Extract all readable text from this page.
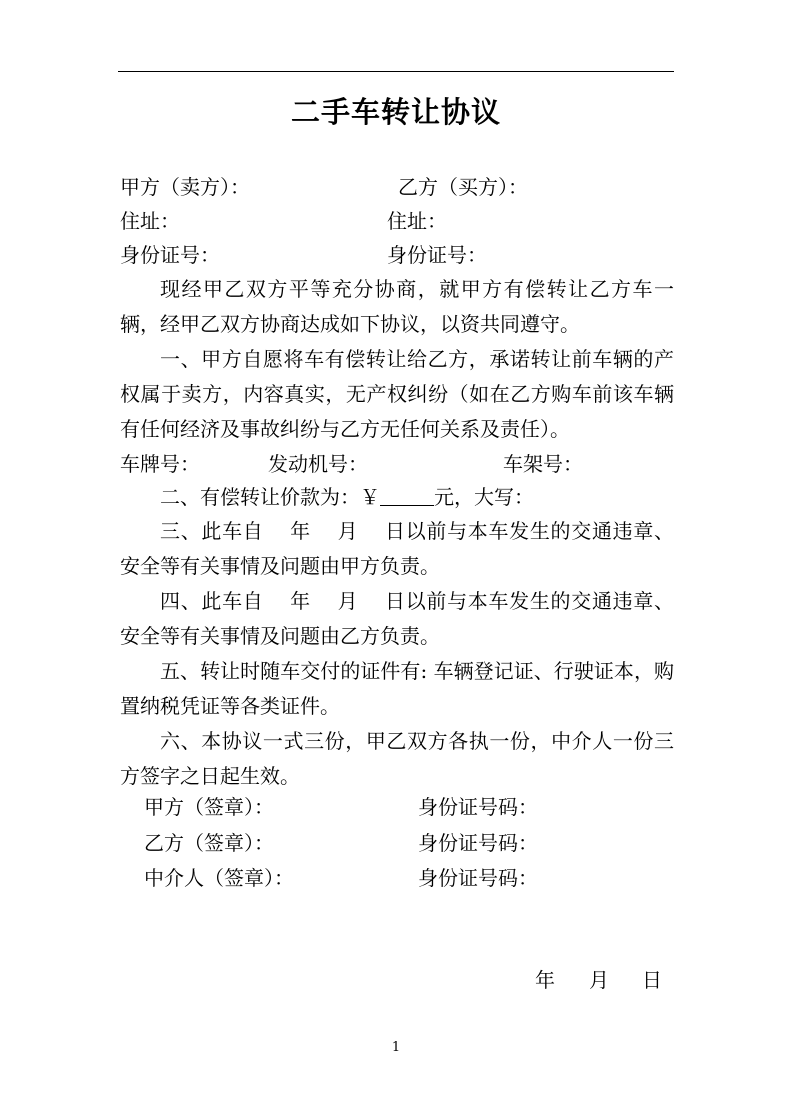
二手车转让协议
甲方（卖方）：	乙方（买方）：
住址：	住址：
身份证号：	身份证号：

现经甲乙双方平等充分协商，就甲方有偿转让乙方车一辆，经甲乙双方协商达成如下协议，以资共同遵守。

一、甲方自愿将车有偿转让给乙方，承诺转让前车辆的产权属于卖方，内容真实，无产权纠纷（如在乙方购车前该车辆有任何经济及事故纠纷与乙方无任何关系及责任）。

车牌号：	发动机号：	车架号：
二、有偿转让价款为：￥	元，大写：

三、此车自 年 月 日以前与本车发生的交通违章、安全等有关事情及问题由甲方负责。

四、此车自 年 月 日以前与本车发生的交通违章、安全等有关事情及问题由乙方负责。

五、转让时随车交付的证件有: 车辆登记证、行驶证本，购置纳税凭证等各类证件。

六、本协议一式三份，甲乙双方各执一份，中介人一份三方签字之日起生效。

甲方（签章）：	身份证号码：
乙方（签章）：	身份证号码：
中介人（签章）：	身份证号码：
年 月 日
1
